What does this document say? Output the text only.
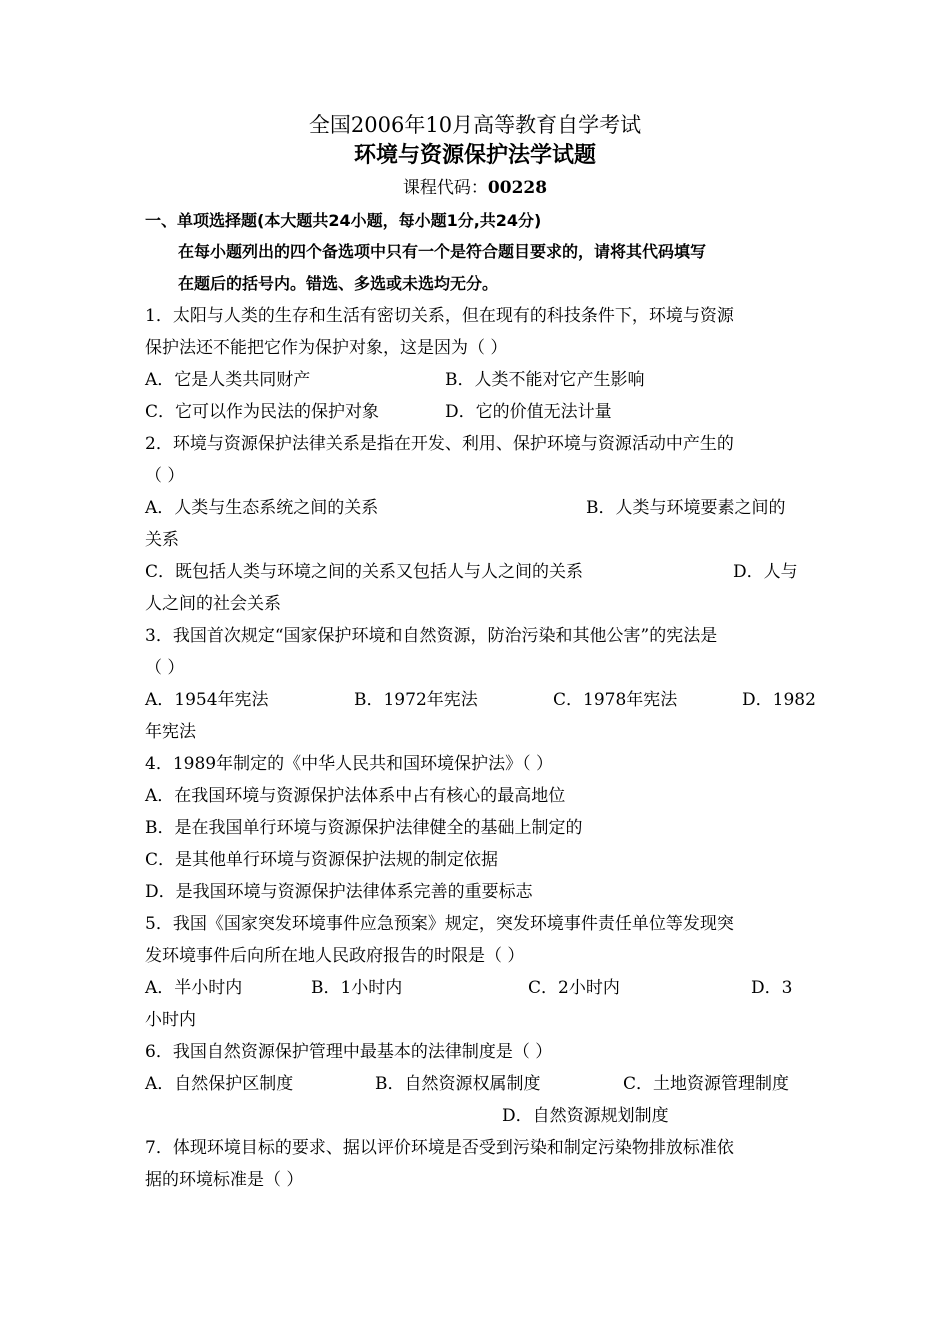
全国2006年10月高等教育自学考试
环境与资源保护法学试题
课程代码：00228
一、单项选择题(本大题共24小题，每小题1分,共24分)
在每小题列出的四个备选项中只有一个是符合题目要求的，请将其代码填写
在题后的括号内。错选、多选或未选均无分。
1．太阳与人类的生存和生活有密切关系，但在现有的科技条件下，环境与资源
保护法还不能把它作为保护对象，这是因为（ ）
A．它是人类共同财产	B．人类不能对它产生影响
C．它可以作为民法的保护对象	D．它的价值无法计量
2．环境与资源保护法律关系是指在开发、利用、保护环境与资源活动中产生的
（ ）
A．人类与生态系统之间的关系	B．人类与环境要素之间的
关系
C．既包括人类与环境之间的关系又包括人与人之间的关系	D．人与
人之间的社会关系
3．我国首次规定“国家保护环境和自然资源，防治污染和其他公害”的宪法是
（ ）
A．1954年宪法	B．1972年宪法	C．1978年宪法	D．1982
年宪法
4．1989年制定的《中华人民共和国环境保护法》（ ）
A．在我国环境与资源保护法体系中占有核心的最高地位
B．是在我国单行环境与资源保护法律健全的基础上制定的
C．是其他单行环境与资源保护法规的制定依据
D．是我国环境与资源保护法律体系完善的重要标志
5．我国《国家突发环境事件应急预案》规定，突发环境事件责任单位等发现突
发环境事件后向所在地人民政府报告的时限是（ ）
A．半小时内	B．1小时内	C．2小时内	D．3
小时内
6．我国自然资源保护管理中最基本的法律制度是（ ）
A．自然保护区制度	B．自然资源权属制度	C．土地资源管理制度
D．自然资源规划制度
7．体现环境目标的要求、据以评价环境是否受到污染和制定污染物排放标准依
据的环境标准是（ ）
